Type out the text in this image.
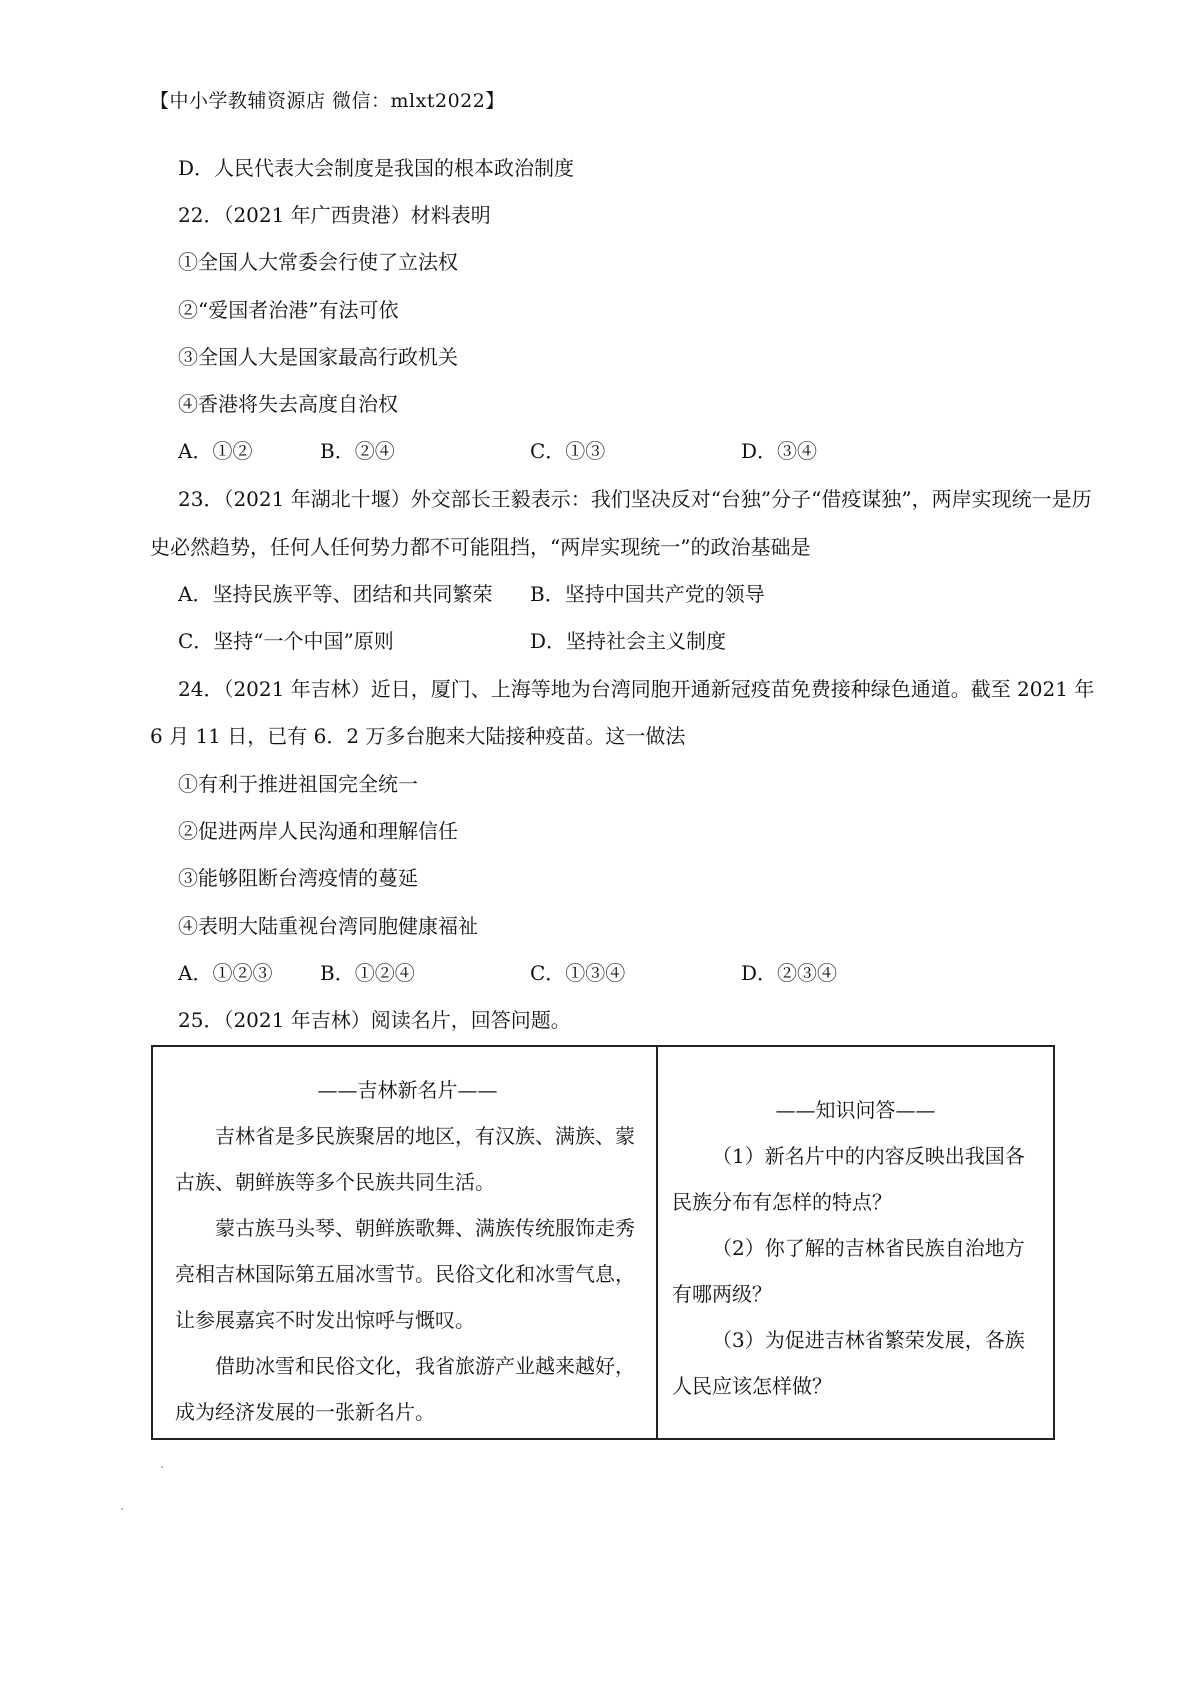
【中小学教辅资源店 微信：mlxt2022】
D．人民代表大会制度是我国的根本政治制度
22．（2021 年广西贵港）材料表明
①全国人大常委会行使了立法权
②“爱国者治港”有法可依
③全国人大是国家最高行政机关
④香港将失去高度自治权
A．①②	B．②④	C．①③	D．③④
23．（2021 年湖北十堰）外交部长王毅表示：我们坚决反对“台独”分子“借疫谋独”，两岸实现统一是历
史必然趋势，任何人任何势力都不可能阻挡，“两岸实现统一”的政治基础是
A．坚持民族平等、团结和共同繁荣 B．坚持中国共产党的领导
C．坚持“一个中国”原则	D．坚持社会主义制度
24．（2021 年吉林）近日，厦门、上海等地为台湾同胞开通新冠疫苗免费接种绿色通道。截至 2021 年
6 月 11 日，已有 6．2 万多台胞来大陆接种疫苗。这一做法
①有利于推进祖国完全统一
②促进两岸人民沟通和理解信任
③能够阻断台湾疫情的蔓延
④表明大陆重视台湾同胞健康福祉
A．①②③ B．①②④	C．①③④	D．②③④
25．（2021 年吉林）阅读名片，回答问题。
——吉林新名片——

吉林省是多民族聚居的地区，有汉族、满族、蒙古族、朝鲜族等多个民族共同生活。

蒙古族马头琴、朝鲜族歌舞、满族传统服饰走秀亮相吉林国际第五届冰雪节。民俗文化和冰雪气息，让参展嘉宾不时发出惊呼与慨叹。

借助冰雪和民俗文化，我省旅游产业越来越好，成为经济发展的一张新名片。

——知识问答——

（1）新名片中的内容反映出我国各民族分布有怎样的特点？

（2）你了解的吉林省民族自治地方有哪两级？

（3）为促进吉林省繁荣发展，各族人民应该怎样做？
